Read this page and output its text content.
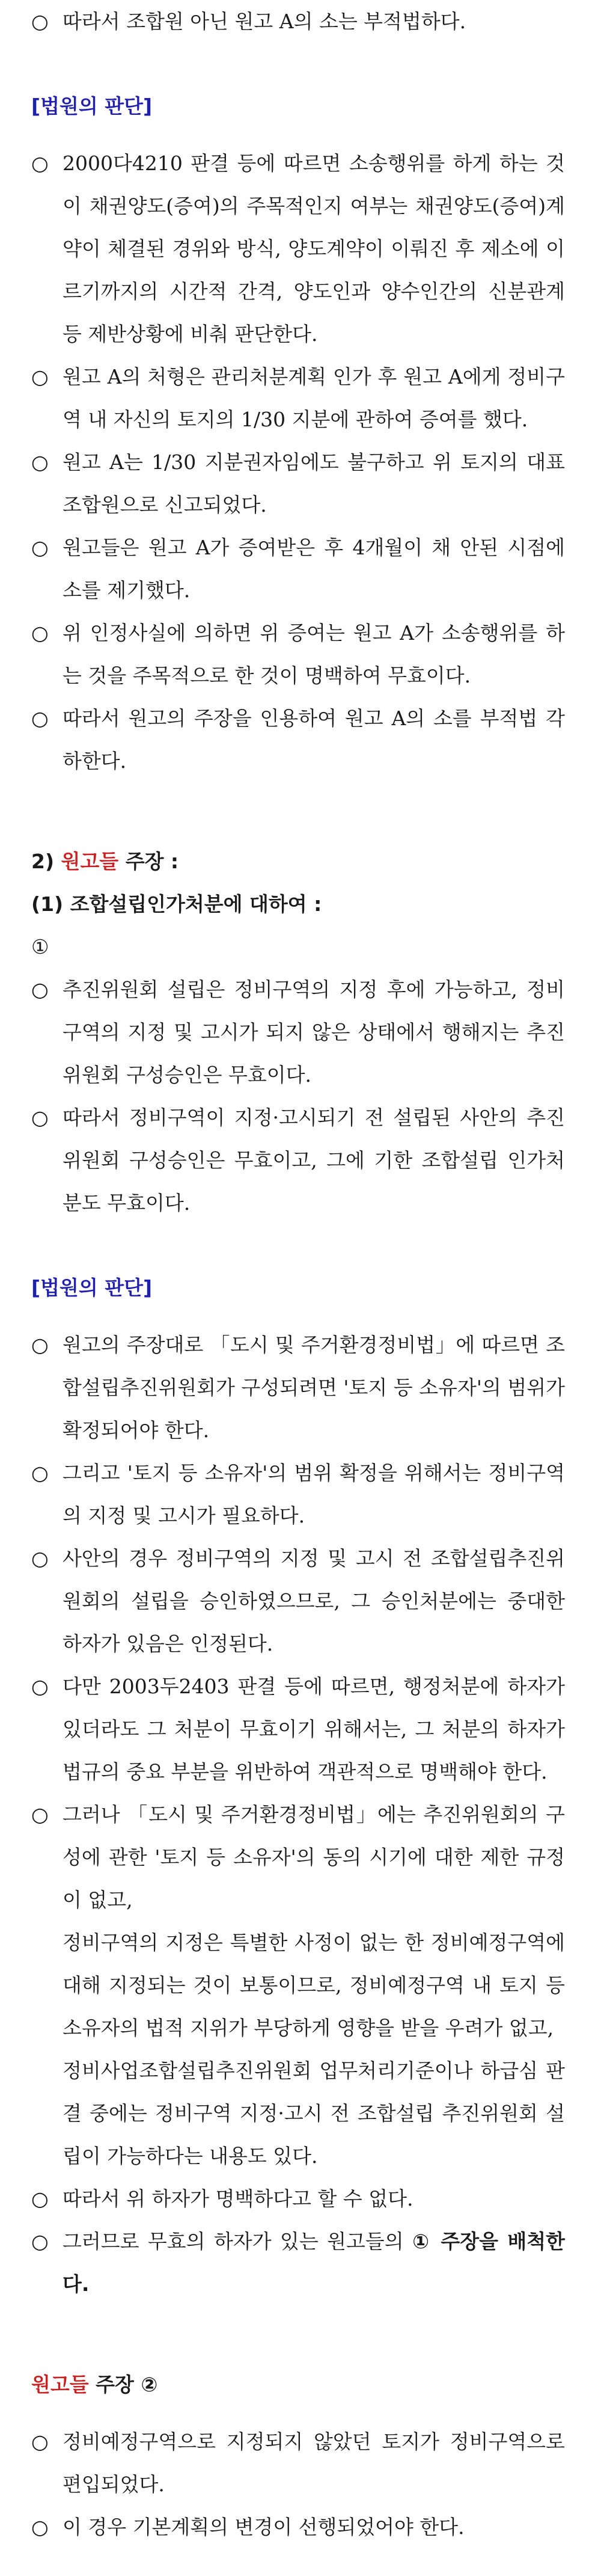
○ 따라서 조합원 아닌 원고 A의 소는 부적법하다.
[법원의 판단]
○ 2000다4210 판결 등에 따르면 소송행위를 하게 하는 것이 채권양도(증여)의 주목적인지 여부는 채권양도(증여)계약이 체결된 경위와 방식, 양도계약이 이뤄진 후 제소에 이르기까지의 시간적 간격, 양도인과 양수인간의 신분관계 등 제반상황에 비춰 판단한다.
○ 원고 A의 처형은 관리처분계획 인가 후 원고 A에게 정비구역 내 자신의 토지의 1/30 지분에 관하여 증여를 했다.
○ 원고 A는 1/30 지분권자임에도 불구하고 위 토지의 대표조합원으로 신고되었다.
○ 원고들은 원고 A가 증여받은 후 4개월이 채 안된 시점에 소를 제기했다.
○ 위 인정사실에 의하면 위 증여는 원고 A가 소송행위를 하는 것을 주목적으로 한 것이 명백하여 무효이다.
○ 따라서 원고의 주장을 인용하여 원고 A의 소를 부적법 각하한다.
2) 원고들 주장 :
(1) 조합설립인가처분에 대하여 :
①
○ 추진위원회 설립은 정비구역의 지정 후에 가능하고, 정비구역의 지정 및 고시가 되지 않은 상태에서 행해지는 추진위원회 구성승인은 무효이다.
○ 따라서 정비구역이 지정·고시되기 전 설립된 사안의 추진위원회 구성승인은 무효이고, 그에 기한 조합설립 인가처분도 무효이다.
[법원의 판단]
○ 원고의 주장대로 「도시 및 주거환경정비법」에 따르면 조합설립추진위원회가 구성되려면 '토지 등 소유자'의 범위가 확정되어야 한다.
○ 그리고 '토지 등 소유자'의 범위 확정을 위해서는 정비구역의 지정 및 고시가 필요하다.
○ 사안의 경우 정비구역의 지정 및 고시 전 조합설립추진위원회의 설립을 승인하였으므로, 그 승인처분에는 중대한 하자가 있음은 인정된다.
○ 다만 2003두2403 판결 등에 따르면, 행정처분에 하자가 있더라도 그 처분이 무효이기 위해서는, 그 처분의 하자가 법규의 중요 부분을 위반하여 객관적으로 명백해야 한다.
○ 그러나 「도시 및 주거환경정비법」에는 추진위원회의 구성에 관한 '토지 등 소유자'의 동의 시기에 대한 제한 규정이 없고,
정비구역의 지정은 특별한 사정이 없는 한 정비예정구역에 대해 지정되는 것이 보통이므로, 정비예정구역 내 토지 등 소유자의 법적 지위가 부당하게 영향을 받을 우려가 없고,
정비사업조합설립추진위원회 업무처리기준이나 하급심 판결 중에는 정비구역 지정·고시 전 조합설립 추진위원회 설립이 가능하다는 내용도 있다.
○ 따라서 위 하자가 명백하다고 할 수 없다.
○ 그러므로 무효의 하자가 있는 원고들의 ① 주장을 배척한다.
원고들 주장 ②
○ 정비예정구역으로 지정되지 않았던 토지가 정비구역으로 편입되었다.
○ 이 경우 기본계획의 변경이 선행되었어야 한다.
